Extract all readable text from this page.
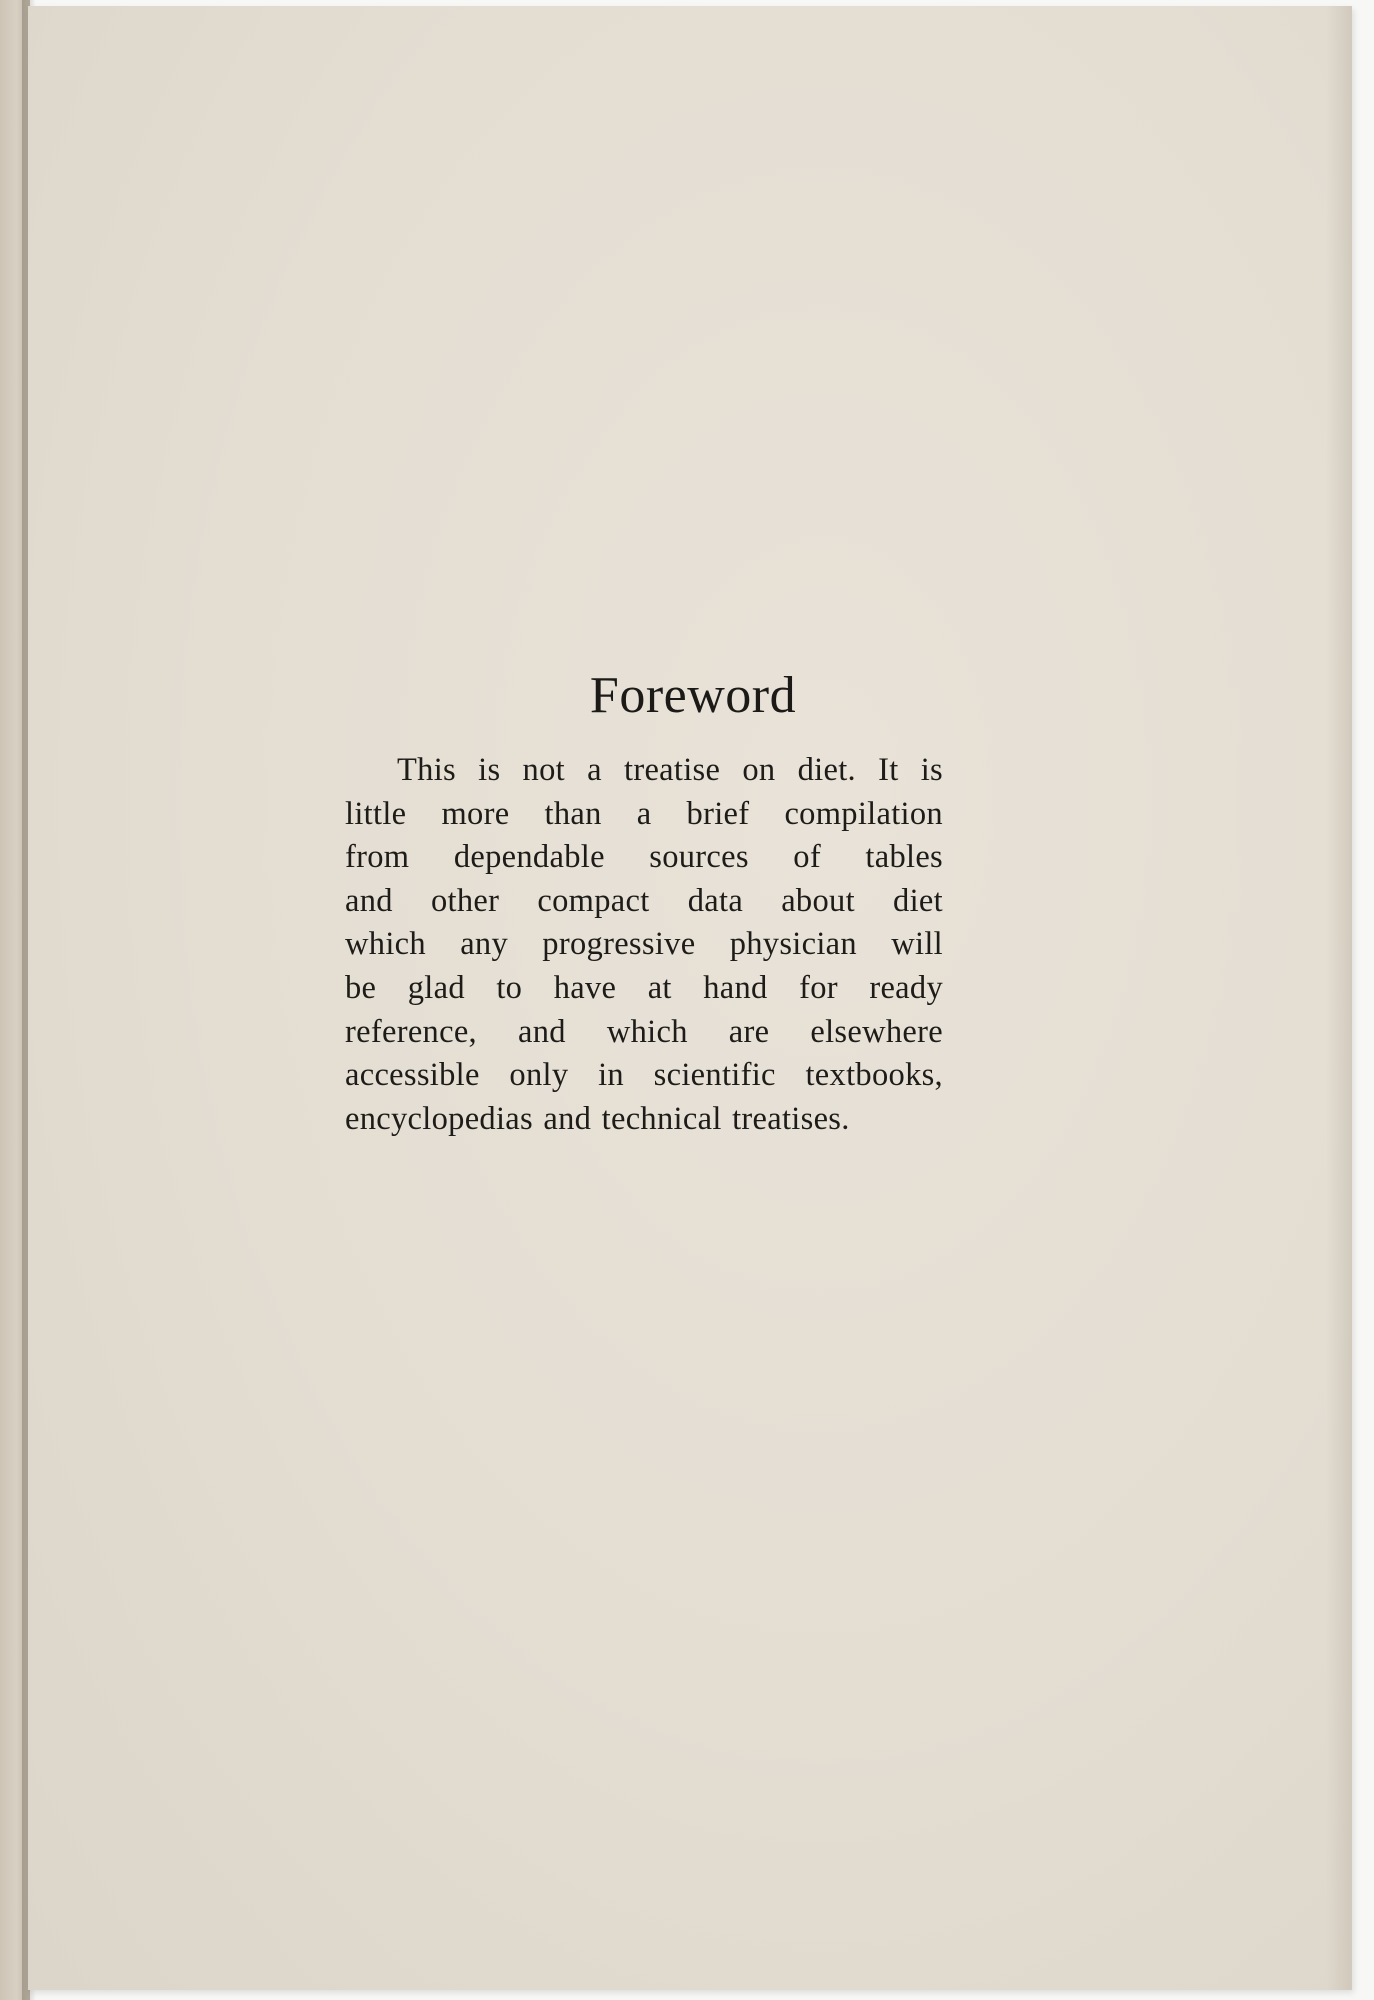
Foreword

This is not a treatise on diet. It is
little more than a brief compilation
from dependable sources of tables
and other compact data about diet
which any progressive physician will
be glad to have at hand for ready
reference, and which are elsewhere
accessible only in scientific textbooks,
encyclopedias and technical treatises.
